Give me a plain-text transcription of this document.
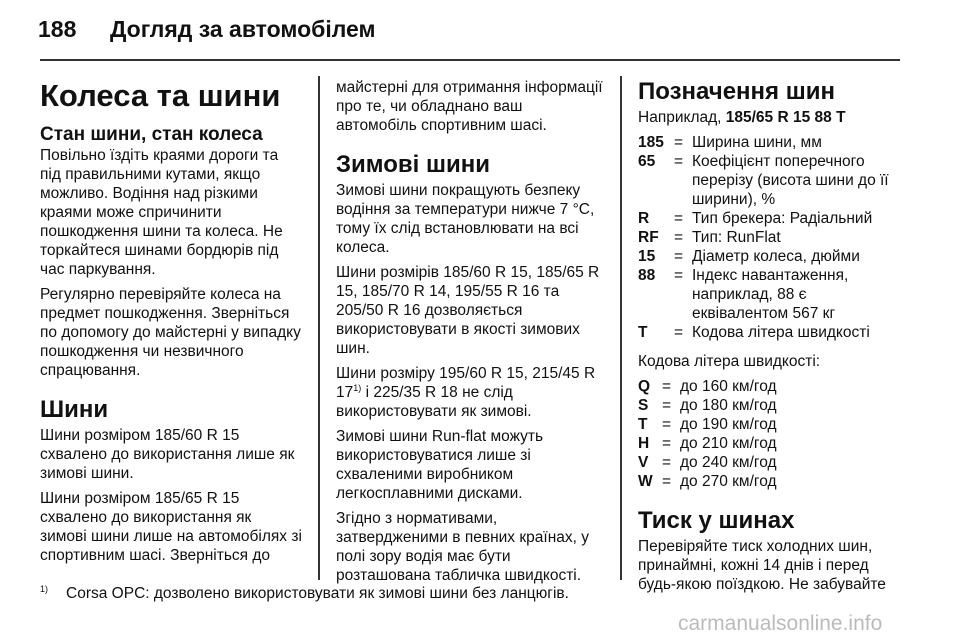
188 Догляд за автомобілем
Колеса та шини
Стан шини, стан колеса

Повільно їздіть краями дороги та під правильними кутами, якщо можливо. Водіння над різкими краями може спричинити пошкодження шини та колеса. Не торкайтеся шинами бордюрів під час паркування.

Регулярно перевіряйте колеса на предмет пошкодження. Зверніться по допомогу до майстерні у випадку пошкодження чи незвичного спрацювання.

Шини

Шини розміром 185/60 R 15 схвалено до використання лише як зимові шини.

Шини розміром 185/65 R 15 схвалено до використання як зимові шини лише на автомобілях зі спортивним шасі. Зверніться до

майстерні для отримання інформації про те, чи обладнано ваш автомобіль спортивним шасі.

Зимові шини

Зимові шини покращують безпеку водіння за температури нижче 7 °C, тому їх слід встановлювати на всі колеса.

Шини розмірів 185/60 R 15, 185/65 R 15, 185/70 R 14, 195/55 R 16 та 205/50 R 16 дозволяється використовувати в якості зимових шин.

Шини розміру 195/60 R 15, 215/45 R 17$^{1)}$ і 225/35 R 18 не слід використовувати як зимові.

Зимові шини Run-flat можуть використовуватися лише зі схваленими виробником легкосплавними дисками.

Згідно з нормативами, затвердженими в певних країнах, у полі зору водія має бути розташована табличка швидкості.

Позначення шин

Наприклад, 185/65 R 15 88 T

185 = Ширина шини, мм
65	= Коефіцієнт поперечного перерізу (висота шини до її ширини), %
R	= Тип брекера: Радіальний
RF = Тип: RunFlat
15	= Діаметр колеса, дюйми
88	= Індекс навантаження, наприклад, 88 є еквівалентом 567 кг
T	= Кодова літера швидкості

Кодова літера швидкості:

Q = до 160 км/год
S = до 180 км/год
T = до 190 км/год
H = до 210 км/год
V = до 240 км/год
W = до 270 км/год
Тиск у шинах

Перевіряйте тиск холодних шин, принаймні, кожні 14 днів і перед будь-якою поїздкою. Не забувайте

$^{1)}$ Corsa OPC: дозволено використовувати як зимові шини без ланцюгів.
carmanualsonline.info
